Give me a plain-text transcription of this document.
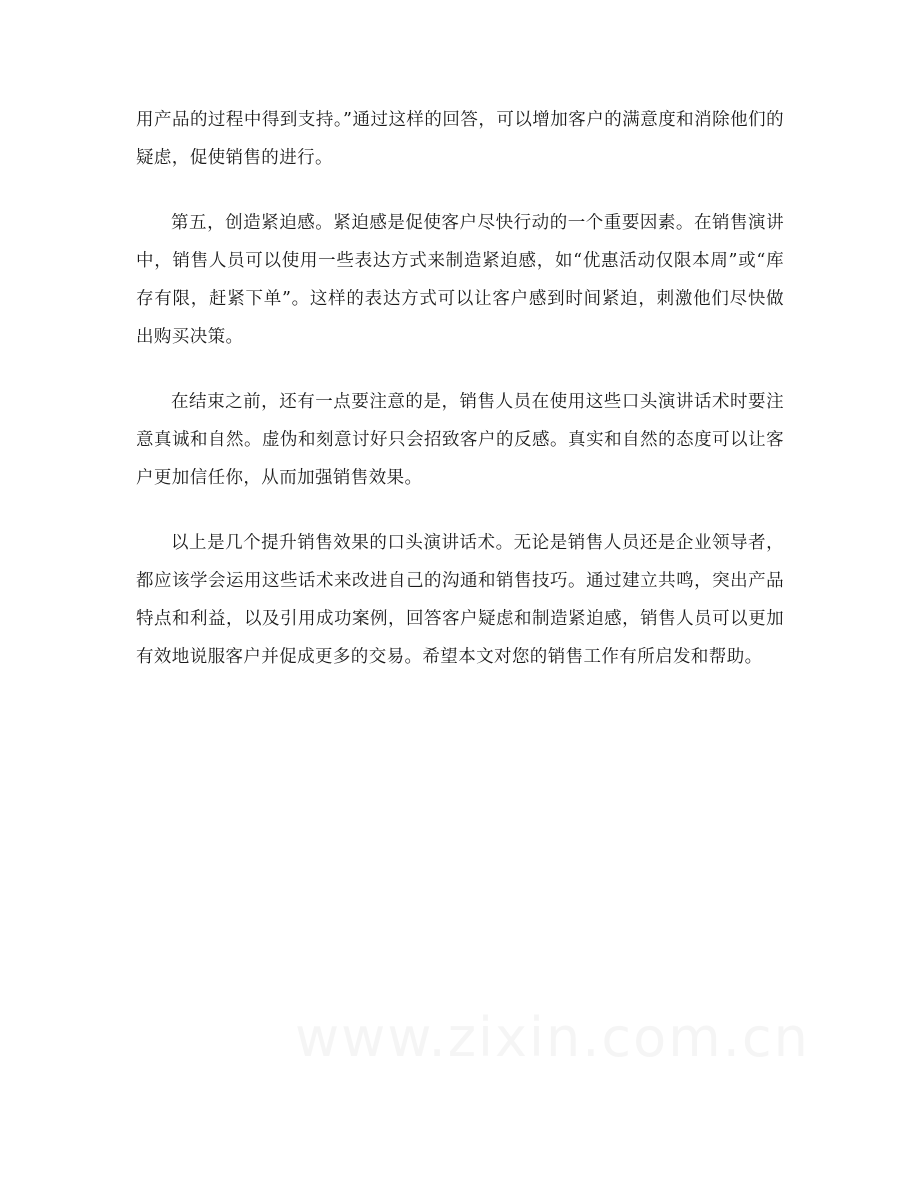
用产品的过程中得到支持。”通过这样的回答，可以增加客户的满意度和消除他们的疑虑，促使销售的进行。

第五，创造紧迫感。紧迫感是促使客户尽快行动的一个重要因素。在销售演讲中，销售人员可以使用一些表达方式来制造紧迫感，如“优惠活动仅限本周”或“库存有限，赶紧下单”。这样的表达方式可以让客户感到时间紧迫，刺激他们尽快做出购买决策。

在结束之前，还有一点要注意的是，销售人员在使用这些口头演讲话术时要注意真诚和自然。虚伪和刻意讨好只会招致客户的反感。真实和自然的态度可以让客户更加信任你，从而加强销售效果。

以上是几个提升销售效果的口头演讲话术。无论是销售人员还是企业领导者，都应该学会运用这些话术来改进自己的沟通和销售技巧。通过建立共鸣，突出产品特点和利益，以及引用成功案例，回答客户疑虑和制造紧迫感，销售人员可以更加有效地说服客户并促成更多的交易。希望本文对您的销售工作有所启发和帮助。

www.zixin.com.cn
